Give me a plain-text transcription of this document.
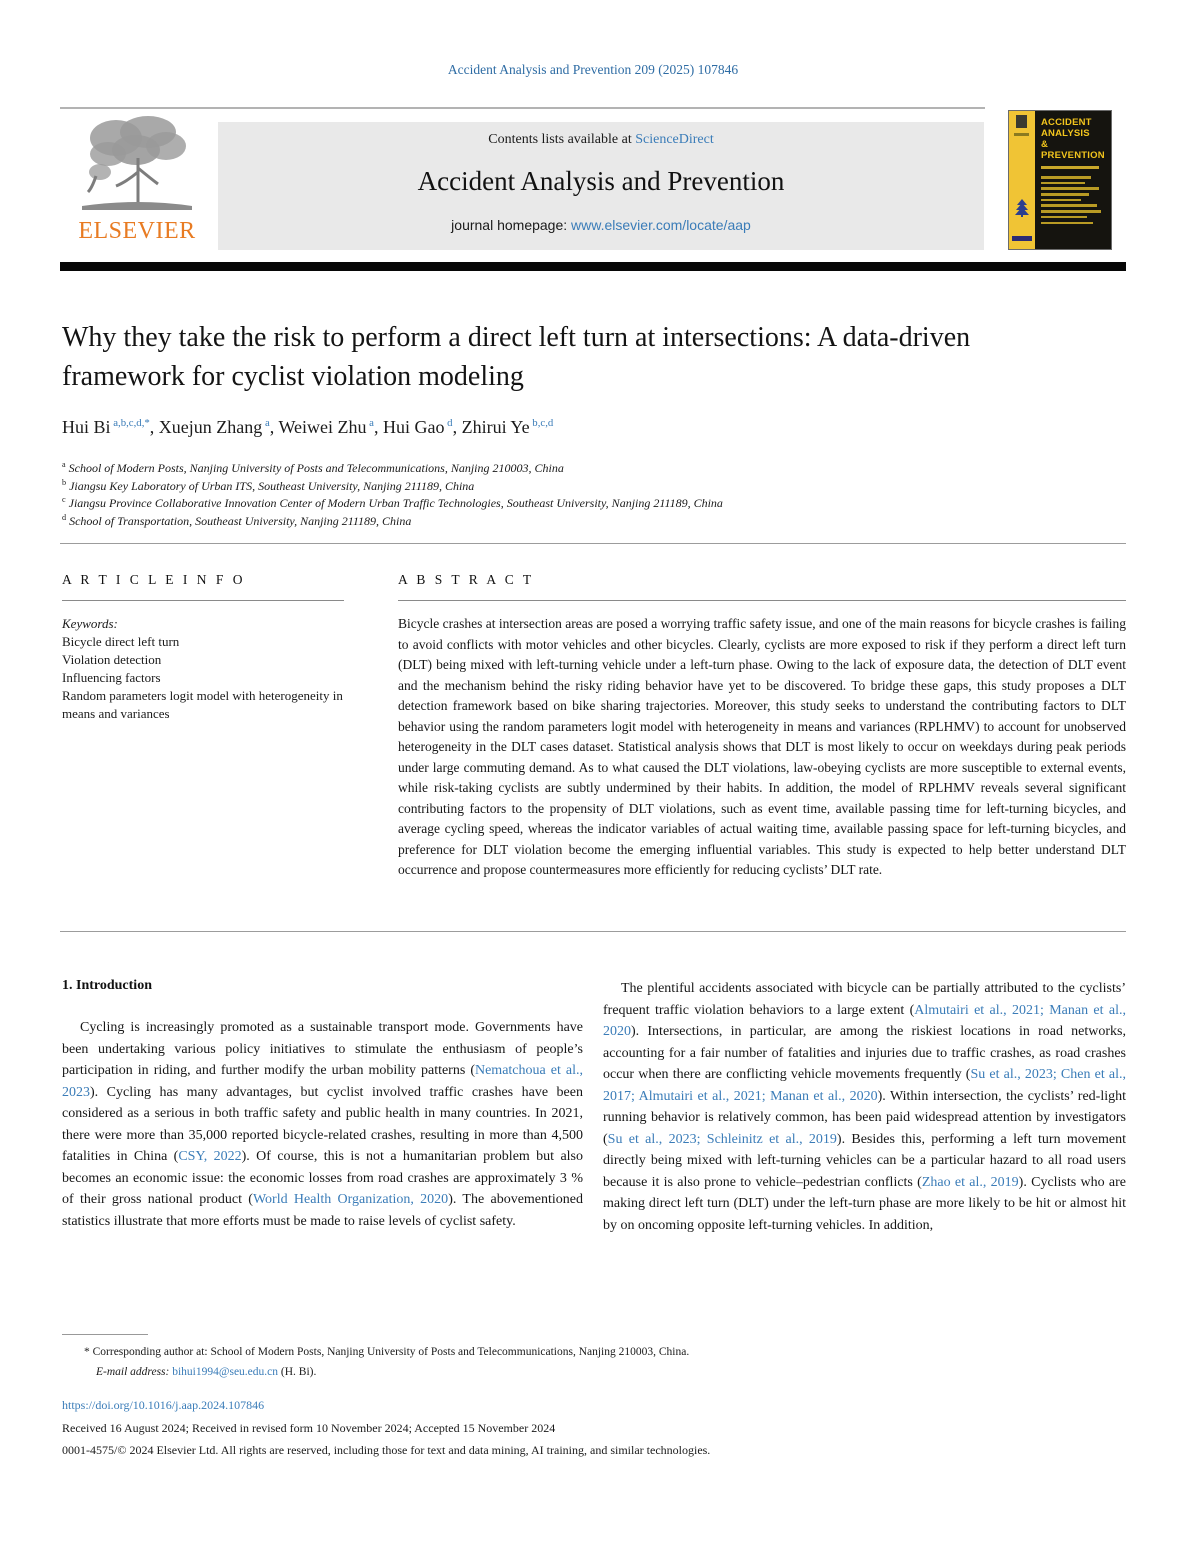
Accident Analysis and Prevention 209 (2025) 107846
ELSEVIER
Contents lists available at ScienceDirect
Accident Analysis and Prevention
journal homepage: www.elsevier.com/locate/aap
ACCIDENT
ANALYSIS
&
PREVENTION
Why they take the risk to perform a direct left turn at intersections: A data-driven framework for cyclist violation modeling
Hui Bi $^{a,b,c,d,*}$, Xuejun Zhang $^a$, Weiwei Zhu $^a$, Hui Gao $^d$, Zhirui Ye $^{b,c,d}$
$^a$ School of Modern Posts, Nanjing University of Posts and Telecommunications, Nanjing 210003, China
$^b$ Jiangsu Key Laboratory of Urban ITS, Southeast University, Nanjing 211189, China
$^c$ Jiangsu Province Collaborative Innovation Center of Modern Urban Traffic Technologies, Southeast University, Nanjing 211189, China
$^d$ School of Transportation, Southeast University, Nanjing 211189, China
A R T I C L E I N F O
Keywords:
Bicycle direct left turn
Violation detection
Influencing factors
Random parameters logit model with heterogeneity in means and variances
A B S T R A C T
Bicycle crashes at intersection areas are posed a worrying traffic safety issue, and one of the main reasons for bicycle crashes is failing to avoid conflicts with motor vehicles and other bicycles. Clearly, cyclists are more exposed to risk if they perform a direct left turn (DLT) being mixed with left-turning vehicle under a left-turn phase. Owing to the lack of exposure data, the detection of DLT event and the mechanism behind the risky riding behavior have yet to be discovered. To bridge these gaps, this study proposes a DLT detection framework based on bike sharing trajectories. Moreover, this study seeks to understand the contributing factors to DLT behavior using the random parameters logit model with heterogeneity in means and variances (RPLHMV) to account for unobserved heterogeneity in the DLT cases dataset. Statistical analysis shows that DLT is most likely to occur on weekdays during peak periods under large commuting demand. As to what caused the DLT violations, law-obeying cyclists are more susceptible to external events, while risk-taking cyclists are subtly undermined by their habits. In addition, the model of RPLHMV reveals several significant contributing factors to the propensity of DLT violations, such as event time, available passing time for left-turning bicycles, and average cycling speed, whereas the indicator variables of actual waiting time, available passing space for left-turning bicycles, and preference for DLT violation become the emerging influential variables. This study is expected to help better understand DLT occurrence and propose countermeasures more efficiently for reducing cyclists’ DLT rate.
1. Introduction

Cycling is increasingly promoted as a sustainable transport mode. Governments have been undertaking various policy initiatives to stimulate the enthusiasm of people’s participation in riding, and further modify the urban mobility patterns (Nematchoua et al., 2023). Cycling has many advantages, but cyclist involved traffic crashes have been considered as a serious in both traffic safety and public health in many countries. In 2021, there were more than 35,000 reported bicycle-related crashes, resulting in more than 4,500 fatalities in China (CSY, 2022). Of course, this is not a humanitarian problem but also becomes an economic issue: the economic losses from road crashes are approximately 3 % of their gross national product (World Health Organization, 2020). The abovementioned statistics illustrate that more efforts must be made to raise levels of cyclist safety.

The plentiful accidents associated with bicycle can be partially attributed to the cyclists’ frequent traffic violation behaviors to a large extent (Almutairi et al., 2021; Manan et al., 2020). Intersections, in particular, are among the riskiest locations in road networks, accounting for a fair number of fatalities and injuries due to traffic crashes, as road crashes occur when there are conflicting vehicle movements frequently (Su et al., 2023; Chen et al., 2017; Almutairi et al., 2021; Manan et al., 2020). Within intersection, the cyclists’ red-light running behavior is relatively common, has been paid widespread attention by investigators (Su et al., 2023; Schleinitz et al., 2019). Besides this, performing a left turn movement directly being mixed with left-turning vehicles can be a particular hazard to all road users because it is also prone to vehicle–pedestrian conflicts (Zhao et al., 2019). Cyclists who are making direct left turn (DLT) under the left-turn phase are more likely to be hit or almost hit by on oncoming opposite left-turning vehicles. In addition,

* Corresponding author at: School of Modern Posts, Nanjing University of Posts and Telecommunications, Nanjing 210003, China.
E-mail address: bihui1994@seu.edu.cn (H. Bi).
https://doi.org/10.1016/j.aap.2024.107846
Received 16 August 2024; Received in revised form 10 November 2024; Accepted 15 November 2024
0001-4575/© 2024 Elsevier Ltd. All rights are reserved, including those for text and data mining, AI training, and similar technologies.
